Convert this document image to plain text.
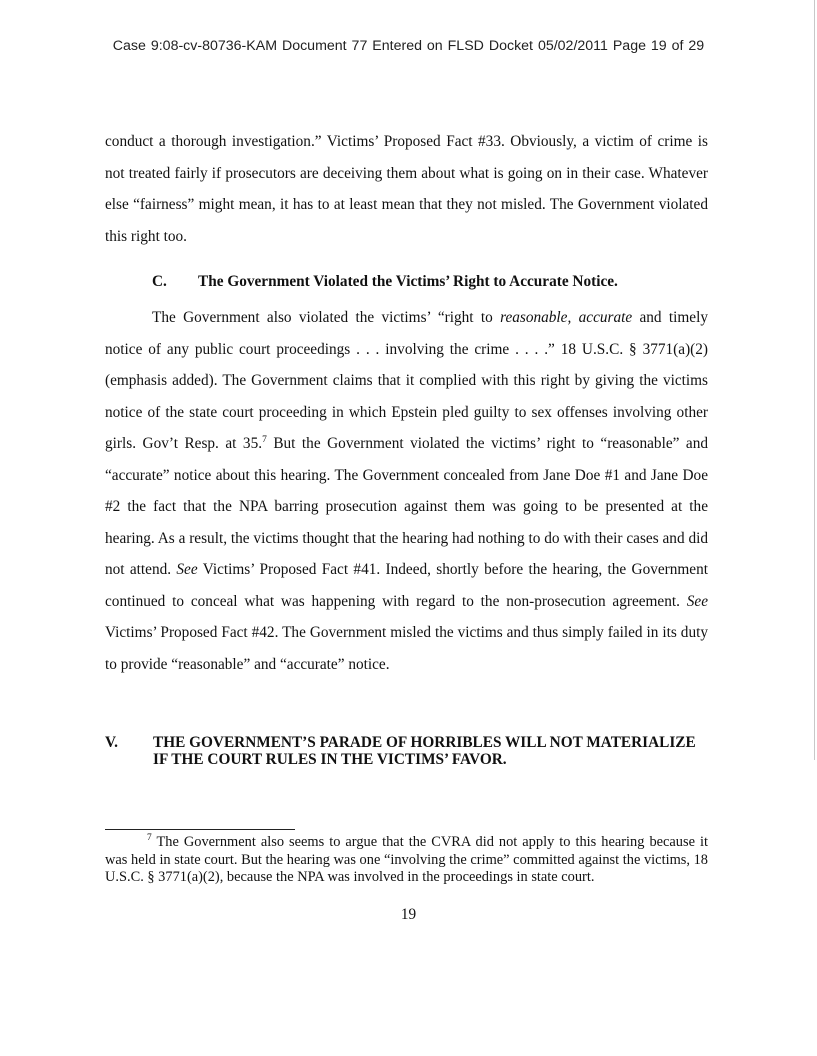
Case 9:08-cv-80736-KAM Document 77 Entered on FLSD Docket 05/02/2011 Page 19 of 29
conduct a thorough investigation.” Victims’ Proposed Fact #33. Obviously, a victim of crime is not treated fairly if prosecutors are deceiving them about what is going on in their case. Whatever else “fairness” might mean, it has to at least mean that they not misled. The Government violated this right too.
C. The Government Violated the Victims’ Right to Accurate Notice.
The Government also violated the victims’ “right to reasonable, accurate and timely notice of any public court proceedings . . . involving the crime . . . .” 18 U.S.C. § 3771(a)(2) (emphasis added). The Government claims that it complied with this right by giving the victims notice of the state court proceeding in which Epstein pled guilty to sex offenses involving other girls. Gov’t Resp. at 35.$^7$ But the Government violated the victims’ right to “reasonable” and “accurate” notice about this hearing. The Government concealed from Jane Doe #1 and Jane Doe #2 the fact that the NPA barring prosecution against them was going to be presented at the hearing. As a result, the victims thought that the hearing had nothing to do with their cases and did not attend. See Victims’ Proposed Fact #41. Indeed, shortly before the hearing, the Government continued to conceal what was happening with regard to the non-prosecution agreement. See Victims’ Proposed Fact #42. The Government misled the victims and thus simply failed in its duty to provide “reasonable” and “accurate” notice.
V. THE GOVERNMENT’S PARADE OF HORRIBLES WILL NOT MATERIALIZE IF THE COURT RULES IN THE VICTIMS’ FAVOR.
$^7$ The Government also seems to argue that the CVRA did not apply to this hearing because it was held in state court. But the hearing was one “involving the crime” committed against the victims, 18 U.S.C. § 3771(a)(2), because the NPA was involved in the proceedings in state court.
19
